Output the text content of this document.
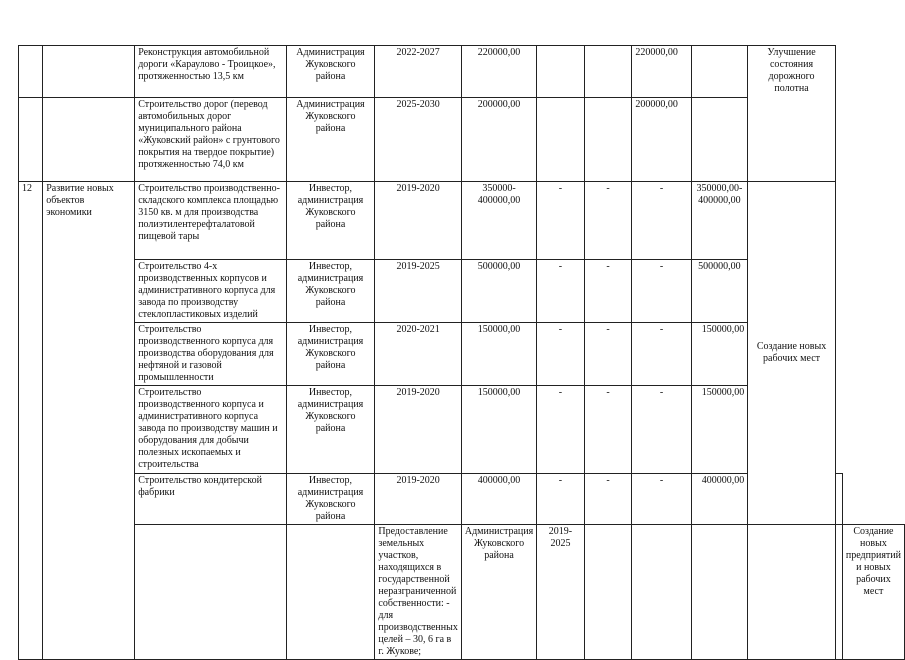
		Реконструкция автомобильной дороги «Караулово - Троицкое», протяженностью 13,5 км	Администрация Жуковского района	2022-2027	220000,00			220000,00		Улучшение состояния дорожного полотна		
		Строительство дорог (перевод автомобильных дорог муниципального района «Жуковский район» с грунтового покрытия на твердое покрытие) протяженностью 74,0 км	Администрация Жуковского района	2025-2030	200000,00			200000,00				
12	Развитие новых объектов экономики	Строительство производственно-складского комплекса площадью 3150 кв. м для производства полиэтилентерефталатовой пищевой тары	Инвестор, администрация Жуковского района	2019-2020	350000-400000,00	-	-	-	350000,00-400000,00	Создание новых рабочих мест		
		Строительство 4-х производственных корпусов и административного корпуса для завода по производству стеклопластиковых изделий	Инвестор, администрация Жуковского района	2019-2025	500000,00	-	-	-	500000,00			
		Строительство производственного корпуса для производства оборудования для нефтяной и газовой промышленности	Инвестор, администрация Жуковского района	2020-2021	150000,00	-	-	-	150000,00			
		Строительство производственного корпуса и административного корпуса завода по производству машин и оборудования для добычи полезных ископаемых и строительства	Инвестор, администрация Жуковского района	2019-2020	150000,00	-	-	-	150000,00			
		Строительство кондитерской фабрики	Инвестор, администрация Жуковского района	2019-2020	400000,00	-	-	-	400000,00			
				Предоставление земельных участков, находящихся в государственной неразграниченной собственности: - для производственных целей – 30, 6 га в г. Жукове;	Администрация Жуковского района	2019-2025						Создание новых предприятий и новых рабочих мест
